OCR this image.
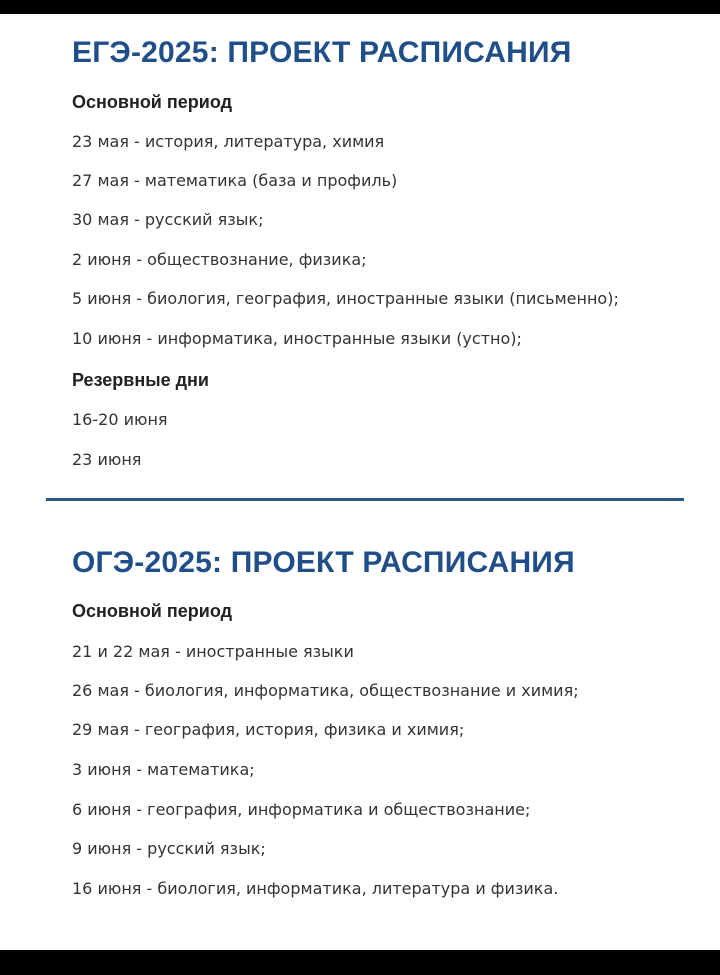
ЕГЭ-2025: ПРОЕКТ РАСПИСАНИЯ
Основной период
23 мая - история, литература, химия
27 мая - математика (база и профиль)
30 мая - русский язык;
2 июня - обществознание, физика;
5 июня - биология, география, иностранные языки (письменно);
10 июня - информатика, иностранные языки (устно);
Резервные дни
16-20 июня
23 июня
ОГЭ-2025: ПРОЕКТ РАСПИСАНИЯ
Основной период
21 и 22 мая - иностранные языки
26 мая - биология, информатика, обществознание и химия;
29 мая - география, история, физика и химия;
3 июня - математика;
6 июня - география, информатика и обществознание;
9 июня - русский язык;
16 июня - биология, информатика, литература и физика.
